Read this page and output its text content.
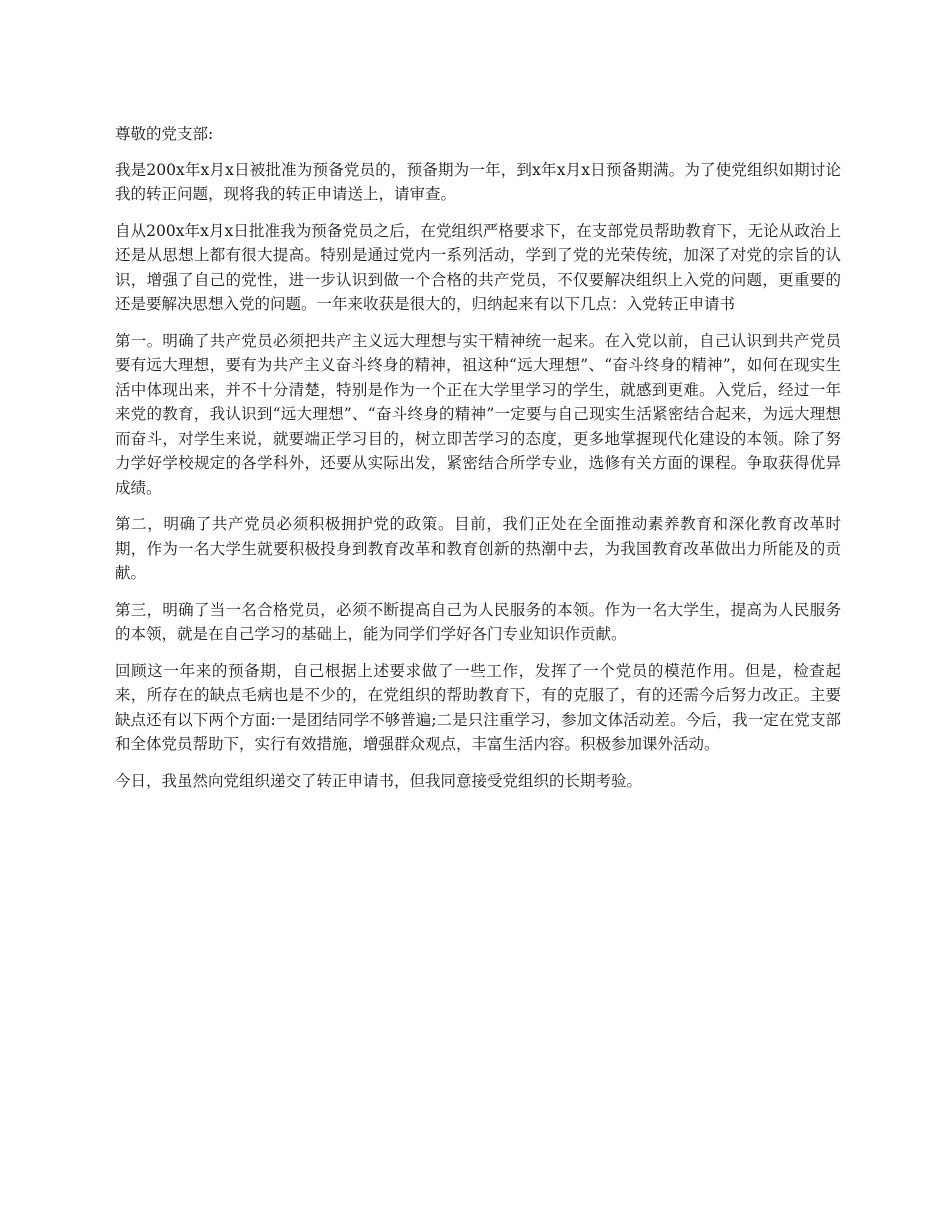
尊敬的党支部:

我是200x年x月x日被批准为预备党员的，预备期为一年，到x年x月x日预备期满。为了使党组织如期讨论我的转正问题，现将我的转正申请送上，请审查。

自从200x年x月x日批准我为预备党员之后，在党组织严格要求下，在支部党员帮助教育下，无论从政治上还是从思想上都有很大提高。特别是通过党内一系列活动，学到了党的光荣传统，加深了对党的宗旨的认识，增强了自己的党性，进一步认识到做一个合格的共产党员，不仅要解决组织上入党的问题，更重要的还是要解决思想入党的问题。一年来收获是很大的，归纳起来有以下几点：入党转正申请书

第一。明确了共产党员必须把共产主义远大理想与实干精神统一起来。在入党以前，自己认识到共产党员要有远大理想，要有为共产主义奋斗终身的精神，祖这种“远大理想”、“奋斗终身的精神”，如何在现实生活中体现出来，并不十分清楚，特别是作为一个正在大学里学习的学生，就感到更难。入党后，经过一年来党的教育，我认识到“远大理想”、“奋斗终身的精神”一定要与自己现实生活紧密结合起来，为远大理想而奋斗，对学生来说，就要端正学习目的，树立即苦学习的态度，更多地掌握现代化建设的本领。除了努力学好学校规定的各学科外，还要从实际出发，紧密结合所学专业，选修有关方面的课程。争取获得优异成绩。

第二，明确了共产党员必须积极拥护党的政策。目前，我们正处在全面推动素养教育和深化教育改革时期，作为一名大学生就要积极投身到教育改革和教育创新的热潮中去，为我国教育改革做出力所能及的贡献。

第三，明确了当一名合格党员，必须不断提高自己为人民服务的本领。作为一名大学生，提高为人民服务的本领，就是在自己学习的基础上，能为同学们学好各门专业知识作贡献。

回顾这一年来的预备期，自己根据上述要求做了一些工作，发挥了一个党员的模范作用。但是，检查起来，所存在的缺点毛病也是不少的，在党组织的帮助教育下，有的克服了，有的还需今后努力改正。主要缺点还有以下两个方面:一是团结同学不够普遍;二是只注重学习，参加文体活动差。今后，我一定在党支部和全体党员帮助下，实行有效措施，增强群众观点，丰富生活内容。积极参加课外活动。

今日，我虽然向党组织递交了转正申请书，但我同意接受党组织的长期考验。
